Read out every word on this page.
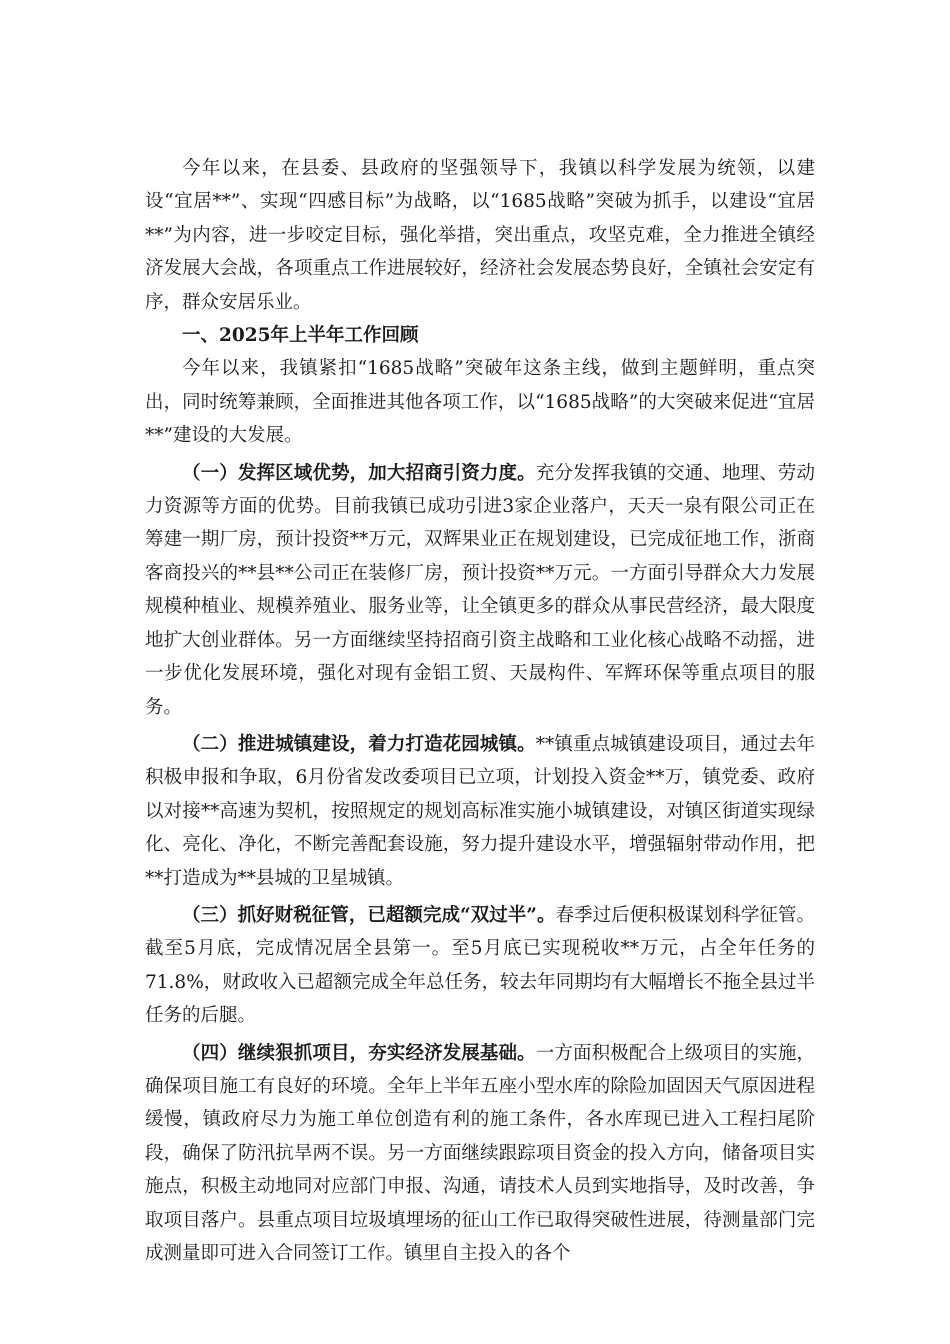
今年以来，在县委、县政府的坚强领导下，我镇以科学发展为统领，以建设“宜居**”、实现“四感目标”为战略，以“1685战略”突破为抓手，以建设“宜居**”为内容，进一步咬定目标，强化举措，突出重点，攻坚克难，全力推进全镇经济发展大会战，各项重点工作进展较好，经济社会发展态势良好，全镇社会安定有序，群众安居乐业。

一、2025年上半年工作回顾

今年以来，我镇紧扣“1685战略”突破年这条主线，做到主题鲜明，重点突出，同时统筹兼顾，全面推进其他各项工作，以“1685战略”的大突破来促进“宜居**”建设的大发展。

（一）发挥区域优势，加大招商引资力度。充分发挥我镇的交通、地理、劳动力资源等方面的优势。目前我镇已成功引进3家企业落户，天天一泉有限公司正在筹建一期厂房，预计投资**万元，双辉果业正在规划建设，已完成征地工作，浙商客商投兴的**县**公司正在装修厂房，预计投资**万元。一方面引导群众大力发展规模种植业、规模养殖业、服务业等，让全镇更多的群众从事民营经济，最大限度地扩大创业群体。另一方面继续坚持招商引资主战略和工业化核心战略不动摇，进一步优化发展环境，强化对现有金铝工贸、天晟构件、军辉环保等重点项目的服务。

（二）推进城镇建设，着力打造花园城镇。**镇重点城镇建设项目，通过去年积极申报和争取，6月份省发改委项目已立项，计划投入资金**万，镇党委、政府以对接**高速为契机，按照规定的规划高标准实施小城镇建设，对镇区街道实现绿化、亮化、净化，不断完善配套设施，努力提升建设水平，增强辐射带动作用，把**打造成为**县城的卫星城镇。

（三）抓好财税征管，已超额完成“双过半”。春季过后便积极谋划科学征管。截至5月底，完成情况居全县第一。至5月底已实现税收**万元，占全年任务的71.8%，财政收入已超额完成全年总任务，较去年同期均有大幅增长不拖全县过半任务的后腿。

（四）继续狠抓项目，夯实经济发展基础。一方面积极配合上级项目的实施，确保项目施工有良好的环境。全年上半年五座小型水库的除险加固因天气原因进程缓慢，镇政府尽力为施工单位创造有利的施工条件，各水库现已进入工程扫尾阶段，确保了防汛抗旱两不误。另一方面继续跟踪项目资金的投入方向，储备项目实施点，积极主动地同对应部门申报、沟通，请技术人员到实地指导，及时改善，争取项目落户。县重点项目垃圾填埋场的征山工作已取得突破性进展，待测量部门完成测量即可进入合同签订工作。镇里自主投入的各个
